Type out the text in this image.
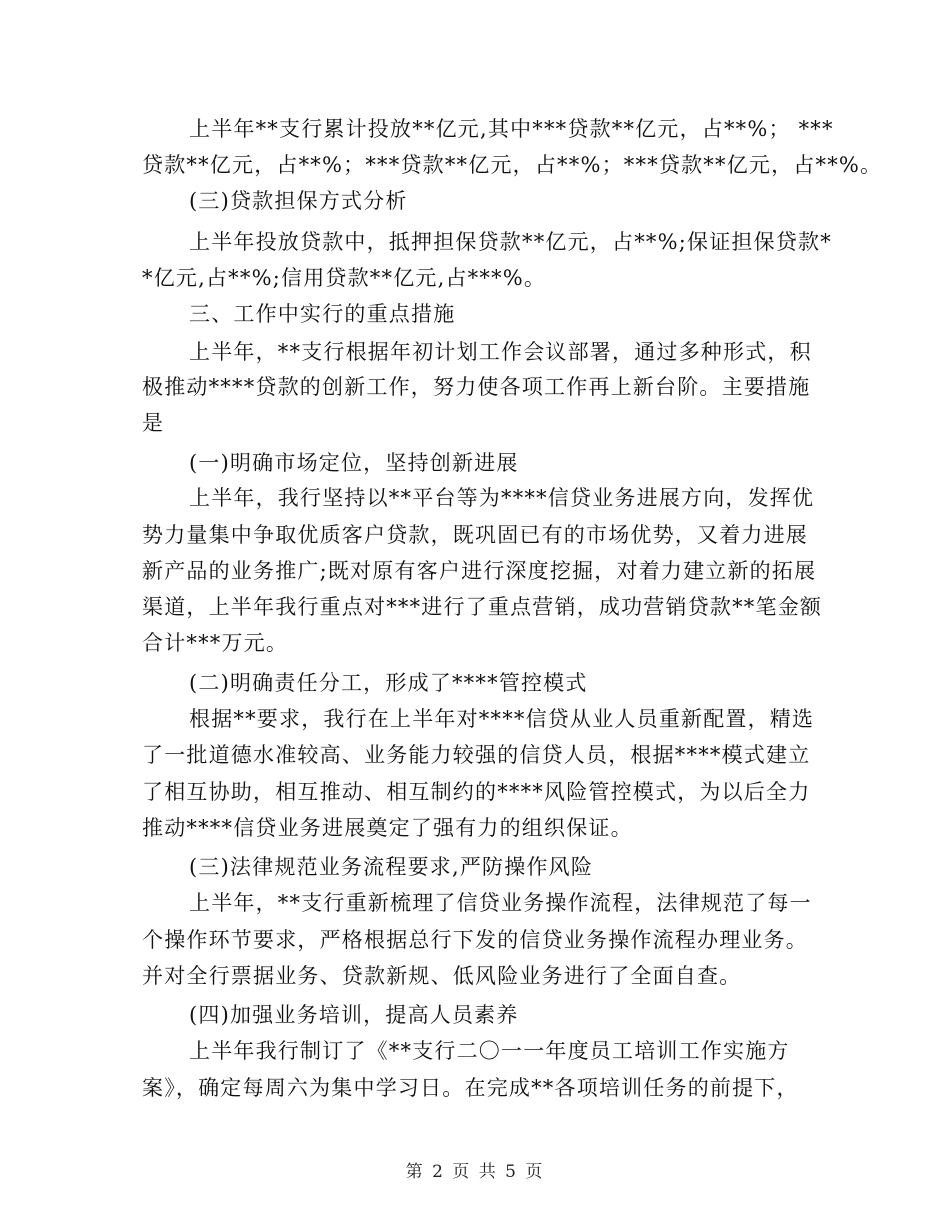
上半年**支行累计投放**亿元,其中***贷款**亿元，占**%； ***
贷款**亿元，占**%；***贷款**亿元，占**%；***贷款**亿元，占**%。
(三)贷款担保方式分析
上半年投放贷款中，抵押担保贷款**亿元，占**%;保证担保贷款*
*亿元,占**%;信用贷款**亿元,占***%。
三、工作中实行的重点措施
上半年，**支行根据年初计划工作会议部署，通过多种形式，积
极推动****贷款的创新工作，努力使各项工作再上新台阶。主要措施
是
(一)明确市场定位，坚持创新进展
上半年，我行坚持以**平台等为****信贷业务进展方向，发挥优
势力量集中争取优质客户贷款，既巩固已有的市场优势，又着力进展
新产品的业务推广;既对原有客户进行深度挖掘，对着力建立新的拓展
渠道，上半年我行重点对***进行了重点营销，成功营销贷款**笔金额
合计***万元。
(二)明确责任分工，形成了****管控模式
根据**要求，我行在上半年对****信贷从业人员重新配置，精选
了一批道德水准较高、业务能力较强的信贷人员，根据****模式建立
了相互协助，相互推动、相互制约的****风险管控模式，为以后全力
推动****信贷业务进展奠定了强有力的组织保证。
(三)法律规范业务流程要求,严防操作风险
上半年，**支行重新梳理了信贷业务操作流程，法律规范了每一
个操作环节要求，严格根据总行下发的信贷业务操作流程办理业务。
并对全行票据业务、贷款新规、低风险业务进行了全面自查。
(四)加强业务培训，提高人员素养
上半年我行制订了《**支行二〇一一年度员工培训工作实施方
案》，确定每周六为集中学习日。在完成**各项培训任务的前提下，
第 2 页 共 5 页
